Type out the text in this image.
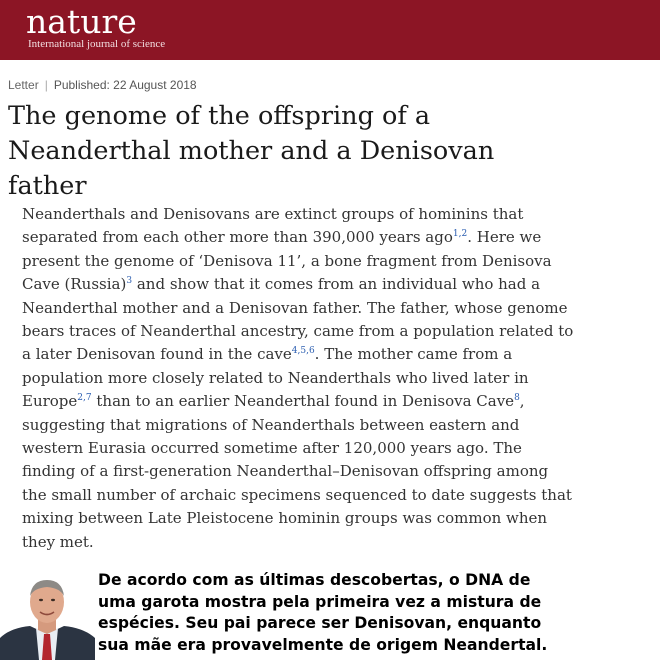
nature
International journal of science
Letter | Published: 22 August 2018
The genome of the offspring of a
Neanderthal mother and a Denisovan
father
Neanderthals and Denisovans are extinct groups of hominins that
separated from each other more than 390,000 years ago$^{1,2}$. Here we
present the genome of ‘Denisova 11’, a bone fragment from Denisova
Cave (Russia)$^3$ and show that it comes from an individual who had a
Neanderthal mother and a Denisovan father. The father, whose genome
bears traces of Neanderthal ancestry, came from a population related to
a later Denisovan found in the cave$^{4,5,6}$. The mother came from a
population more closely related to Neanderthals who lived later in
Europe$^{2,7}$ than to an earlier Neanderthal found in Denisova Cave$^8$,
suggesting that migrations of Neanderthals between eastern and
western Eurasia occurred sometime after 120,000 years ago. The
finding of a first-generation Neanderthal–Denisovan offspring among
the small number of archaic specimens sequenced to date suggests that
mixing between Late Pleistocene hominin groups was common when
they met.
De acordo com as últimas descobertas, o DNA de
uma garota mostra pela primeira vez a mistura de
espécies. Seu pai parece ser Denisovan, enquanto
sua mãe era provavelmente de origem Neandertal.
